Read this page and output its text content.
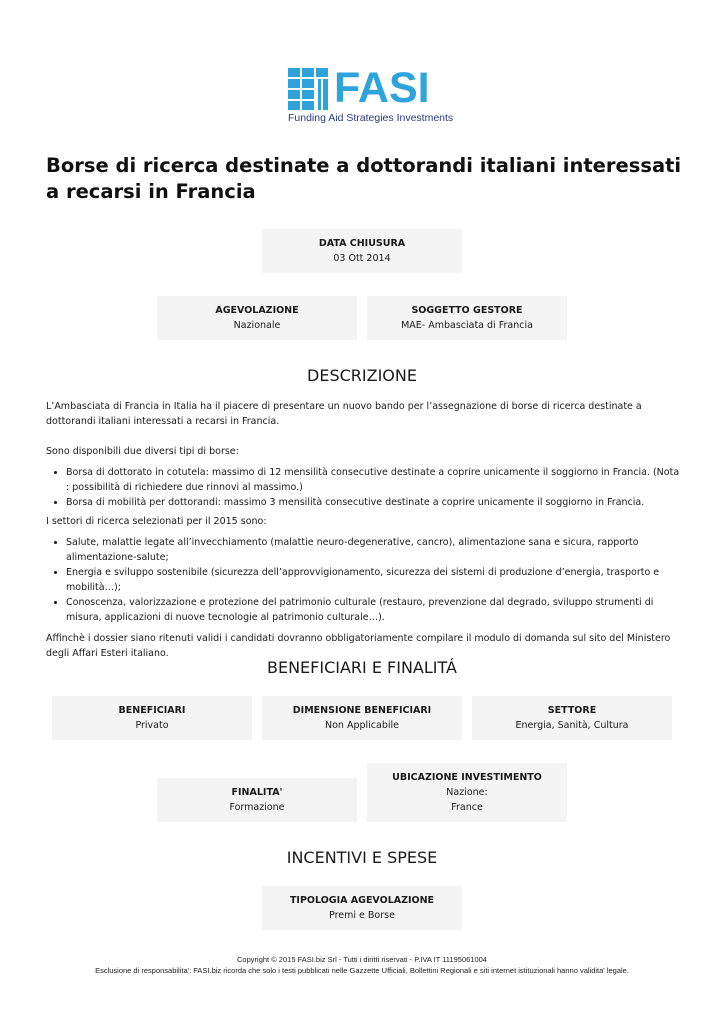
FASI
Funding Aid Strategies Investments
Borse di ricerca destinate a dottorandi italiani interessati a recarsi in Francia
DATA CHIUSURA
03 Ott 2014
AGEVOLAZIONE
Nazionale
SOGGETTO GESTORE
MAE- Ambasciata di Francia
DESCRIZIONE

L’Ambasciata di Francia in Italia ha il piacere di presentare un nuovo bando per l’assegnazione di borse di ricerca destinate a dottorandi italiani interessati a recarsi in Francia.

Sono disponibili due diversi tipi di borse:

• Borsa di dottorato in cotutela: massimo di 12 mensilità consecutive destinate a coprire unicamente il soggiorno in Francia. (Nota : possibilità di richiedere due rinnovi al massimo.)
• Borsa di mobilità per dottorandi: massimo 3 mensilità consecutive destinate a coprire unicamente il soggiorno in Francia.

I settori di ricerca selezionati per il 2015 sono:

• Salute, malattie legate all’invecchiamento (malattie neuro-degenerative, cancro), alimentazione sana e sicura, rapporto alimentazione-salute;
• Energia e sviluppo sostenibile (sicurezza dell’approvvigionamento, sicurezza dei sistemi di produzione d’energia, trasporto e mobilità…);
• Conoscenza, valorizzazione e protezione del patrimonio culturale (restauro, prevenzione dal degrado, sviluppo strumenti di misura, applicazioni di nuove tecnologie al patrimonio culturale…).

Affinchè i dossier siano ritenuti validi i candidati dovranno obbligatoriamente compilare il modulo di domanda sul sito del Ministero degli Affari Esteri italiano.

BENEFICIARI E FINALITÁ
BENEFICIARI
Privato
DIMENSIONE BENEFICIARI
Non Applicabile
SETTORE
Energia, Sanità, Cultura
FINALITA'
Formazione
UBICAZIONE INVESTIMENTO
Nazione:
France
INCENTIVI E SPESE
TIPOLOGIA AGEVOLAZIONE
Premi e Borse
Copyright © 2015 FASI.biz Srl - Tutti i diritti riservati - P.IVA IT 11195061004
Esclusione di responsabilita': FASI.biz ricorda che solo i testi pubblicati nelle Gazzette Ufficiali, Bollettini Regionali e siti internet istituzionali hanno validita' legale.
